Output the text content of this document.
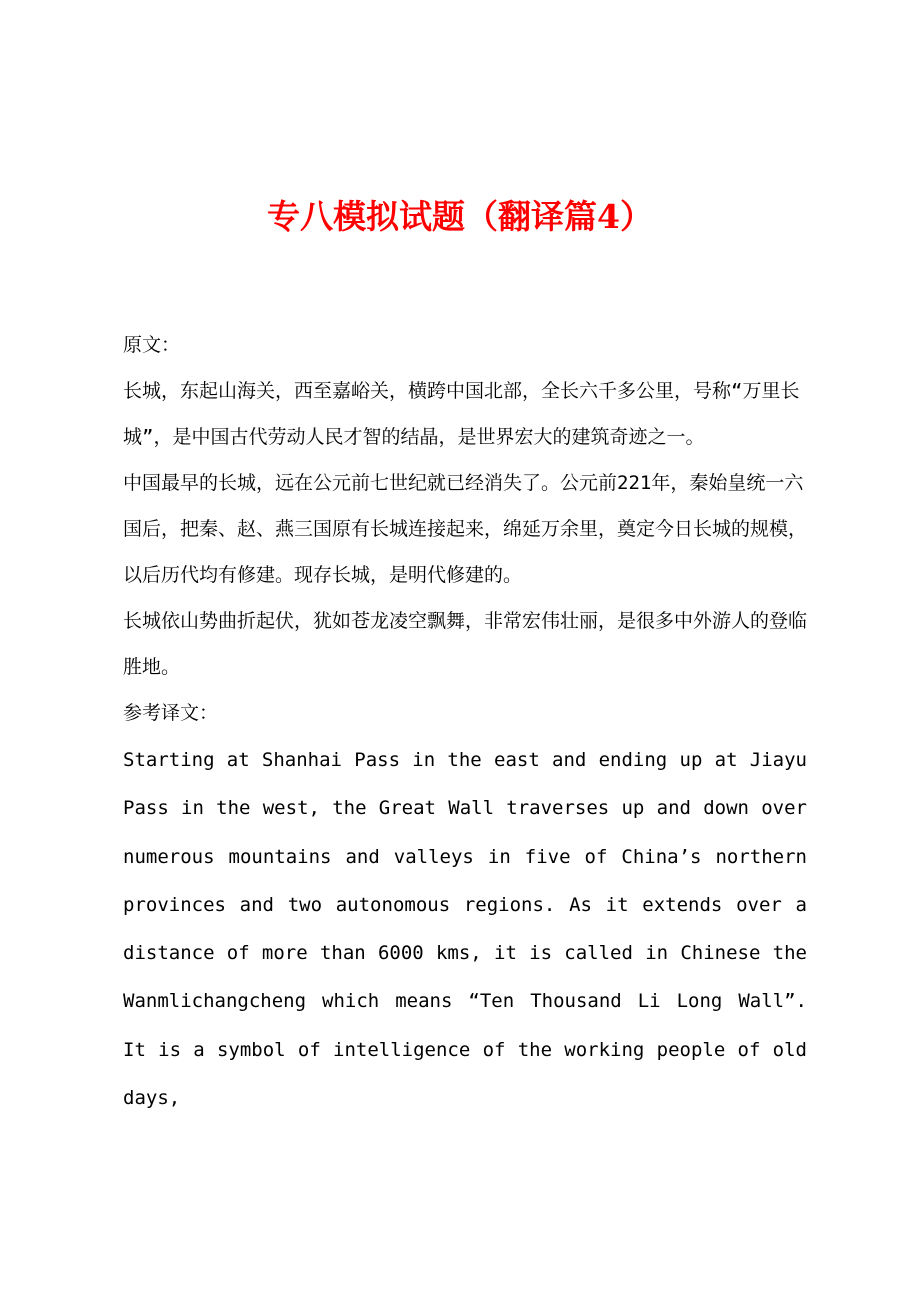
专八模拟试题（翻译篇4）

原文：

长城，东起山海关，西至嘉峪关，横跨中国北部，全长六千多公里，号称“万里长城”，是中国古代劳动人民才智的结晶，是世界宏大的建筑奇迹之一。

中国最早的长城，远在公元前七世纪就已经消失了。公元前221年，秦始皇统一六国后，把秦、赵、燕三国原有长城连接起来，绵延万余里，奠定今日长城的规模，以后历代均有修建。现存长城，是明代修建的。

长城依山势曲折起伏，犹如苍龙凌空飘舞，非常宏伟壮丽，是很多中外游人的登临胜地。

参考译文：

Starting at Shanhai Pass in the east and ending up at Jiayu Pass in the west, the Great Wall traverses up and down over numerous mountains and valleys in five of China’s northern provinces and two autonomous regions. As it extends over a distance of more than 6000 kms, it is called in Chinese the Wanmlichangcheng which means “Ten Thousand Li Long Wall”. It is a symbol of intelligence of the working people of old days,
